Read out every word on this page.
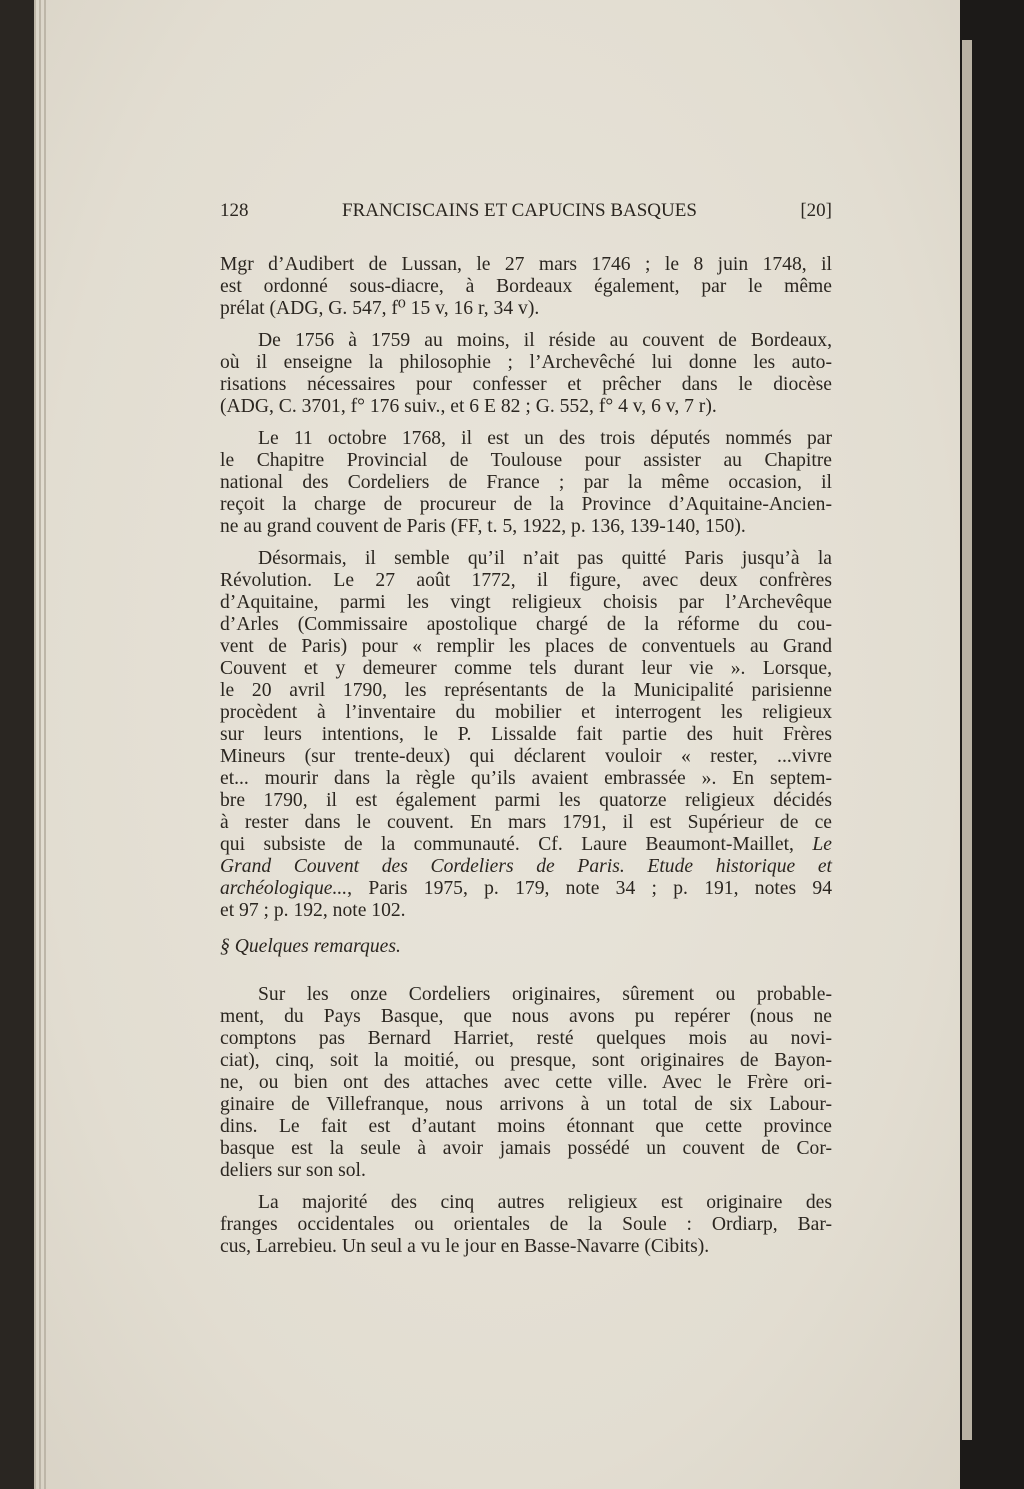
128	FRANCISCAINS ET CAPUCINS BASQUES	[20]
Mgr d’Audibert de Lussan, le 27 mars 1746 ; le 8 juin 1748, il
est ordonné sous-diacre, à Bordeaux également, par le même
prélat (ADG, G. 547, f⁰ 15 v, 16 r, 34 v).
De 1756 à 1759 au moins, il réside au couvent de Bordeaux,
où il enseigne la philosophie ; l’Archevêché lui donne les auto-
risations nécessaires pour confesser et prêcher dans le diocèse
(ADG, C. 3701, f° 176 suiv., et 6 E 82 ; G. 552, f° 4 v, 6 v, 7 r).
Le 11 octobre 1768, il est un des trois députés nommés par
le Chapitre Provincial de Toulouse pour assister au Chapitre
national des Cordeliers de France ; par la même occasion, il
reçoit la charge de procureur de la Province d’Aquitaine-Ancien-
ne au grand couvent de Paris (FF, t. 5, 1922, p. 136, 139-140, 150).
Désormais, il semble qu’il n’ait pas quitté Paris jusqu’à la
Révolution. Le 27 août 1772, il figure, avec deux confrères
d’Aquitaine, parmi les vingt religieux choisis par l’Archevêque
d’Arles (Commissaire apostolique chargé de la réforme du cou-
vent de Paris) pour « remplir les places de conventuels au Grand
Couvent et y demeurer comme tels durant leur vie ». Lorsque,
le 20 avril 1790, les représentants de la Municipalité parisienne
procèdent à l’inventaire du mobilier et interrogent les religieux
sur leurs intentions, le P. Lissalde fait partie des huit Frères
Mineurs (sur trente-deux) qui déclarent vouloir « rester, ...vivre
et... mourir dans la règle qu’ils avaient embrassée ». En septem-
bre 1790, il est également parmi les quatorze religieux décidés
à rester dans le couvent. En mars 1791, il est Supérieur de ce
qui subsiste de la communauté. Cf. Laure Beaumont-Maillet, Le
Grand Couvent des Cordeliers de Paris. Etude historique et
archéologique..., Paris 1975, p. 179, note 34 ; p. 191, notes 94
et 97 ; p. 192, note 102.
§ Quelques remarques.
Sur les onze Cordeliers originaires, sûrement ou probable-
ment, du Pays Basque, que nous avons pu repérer (nous ne
comptons pas Bernard Harriet, resté quelques mois au novi-
ciat), cinq, soit la moitié, ou presque, sont originaires de Bayon-
ne, ou bien ont des attaches avec cette ville. Avec le Frère ori-
ginaire de Villefranque, nous arrivons à un total de six Labour-
dins. Le fait est d’autant moins étonnant que cette province
basque est la seule à avoir jamais possédé un couvent de Cor-
deliers sur son sol.
La majorité des cinq autres religieux est originaire des
franges occidentales ou orientales de la Soule : Ordiarp, Bar-
cus, Larrebieu. Un seul a vu le jour en Basse-Navarre (Cibits).
